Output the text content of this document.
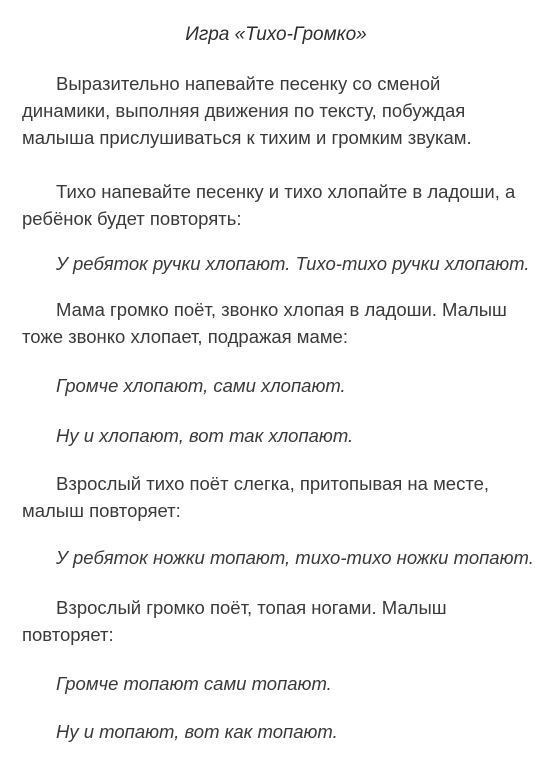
Игра «Тихо-Громко»

Выразительно напевайте песенку со сменой динамики, выполняя движения по тексту, побуждая малыша прислушиваться к тихим и громким звукам.

Тихо напевайте песенку и тихо хлопайте в ладоши, а ребёнок будет повторять:

У ребяток ручки хлопают. Тихо-тихо ручки хлопают.

Мама громко поёт, звонко хлопая в ладоши. Малыш тоже звонко хлопает, подражая маме:

Громче хлопают, сами хлопают.

Ну и хлопают, вот так хлопают.

Взрослый тихо поёт слегка, притопывая на месте, малыш повторяет:

У ребяток ножки топают, тихо-тихо ножки топают.

Взрослый громко поёт, топая ногами. Малыш повторяет:

Громче топают сами топают.

Ну и топают, вот как топают.
